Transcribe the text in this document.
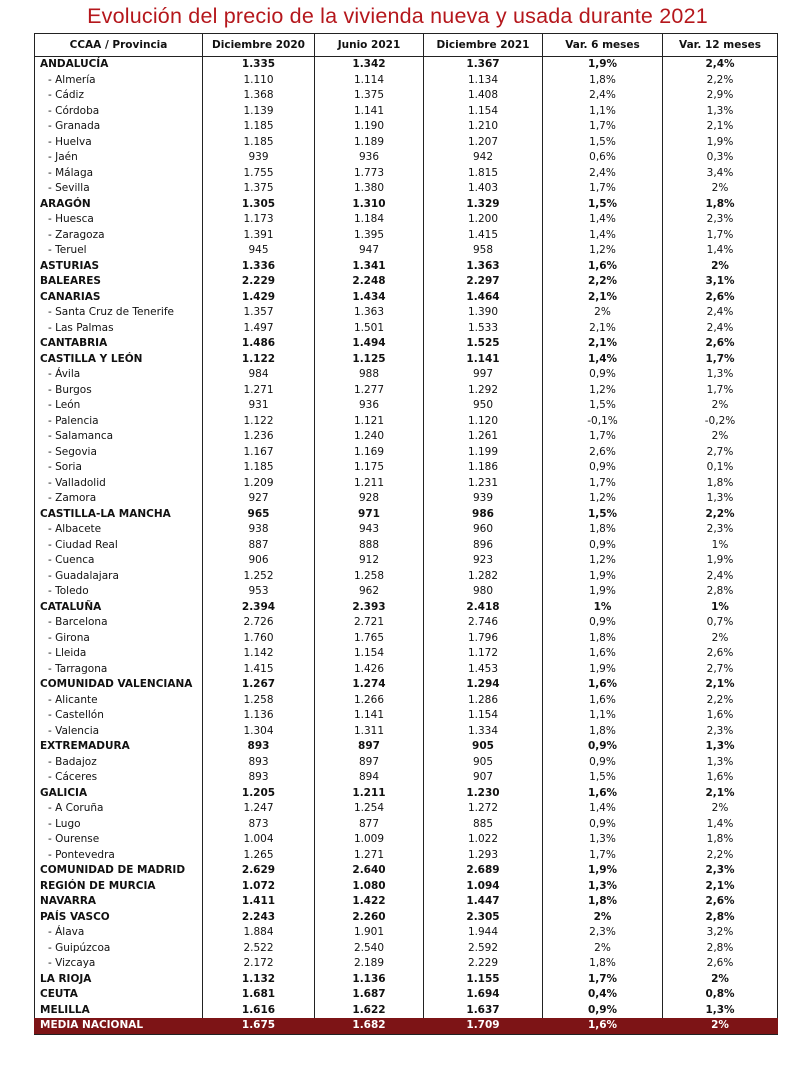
Evolución del precio de la vivienda nueva y usada durante 2021
CCAA / Provincia	Diciembre 2020	Junio 2021	Diciembre 2021	Var. 6 meses	Var. 12 meses
ANDALUCÍA	1.335	1.342	1.367	1,9%	2,4%
- Almería	1.110	1.114	1.134	1,8%	2,2%
- Cádiz	1.368	1.375	1.408	2,4%	2,9%
- Córdoba	1.139	1.141	1.154	1,1%	1,3%
- Granada	1.185	1.190	1.210	1,7%	2,1%
- Huelva	1.185	1.189	1.207	1,5%	1,9%
- Jaén	939	936	942	0,6%	0,3%
- Málaga	1.755	1.773	1.815	2,4%	3,4%
- Sevilla	1.375	1.380	1.403	1,7%	2%
ARAGÓN	1.305	1.310	1.329	1,5%	1,8%
- Huesca	1.173	1.184	1.200	1,4%	2,3%
- Zaragoza	1.391	1.395	1.415	1,4%	1,7%
- Teruel	945	947	958	1,2%	1,4%
ASTURIAS	1.336	1.341	1.363	1,6%	2%
BALEARES	2.229	2.248	2.297	2,2%	3,1%
CANARIAS	1.429	1.434	1.464	2,1%	2,6%
- Santa Cruz de Tenerife	1.357	1.363	1.390	2%	2,4%
- Las Palmas	1.497	1.501	1.533	2,1%	2,4%
CANTABRIA	1.486	1.494	1.525	2,1%	2,6%
CASTILLA Y LEÓN	1.122	1.125	1.141	1,4%	1,7%
- Ávila	984	988	997	0,9%	1,3%
- Burgos	1.271	1.277	1.292	1,2%	1,7%
- León	931	936	950	1,5%	2%
- Palencia	1.122	1.121	1.120	-0,1%	-0,2%
- Salamanca	1.236	1.240	1.261	1,7%	2%
- Segovia	1.167	1.169	1.199	2,6%	2,7%
- Soria	1.185	1.175	1.186	0,9%	0,1%
- Valladolid	1.209	1.211	1.231	1,7%	1,8%
- Zamora	927	928	939	1,2%	1,3%
CASTILLA-LA MANCHA	965	971	986	1,5%	2,2%
- Albacete	938	943	960	1,8%	2,3%
- Ciudad Real	887	888	896	0,9%	1%
- Cuenca	906	912	923	1,2%	1,9%
- Guadalajara	1.252	1.258	1.282	1,9%	2,4%
- Toledo	953	962	980	1,9%	2,8%
CATALUÑA	2.394	2.393	2.418	1%	1%
- Barcelona	2.726	2.721	2.746	0,9%	0,7%
- Girona	1.760	1.765	1.796	1,8%	2%
- Lleida	1.142	1.154	1.172	1,6%	2,6%
- Tarragona	1.415	1.426	1.453	1,9%	2,7%
COMUNIDAD VALENCIANA	1.267	1.274	1.294	1,6%	2,1%
- Alicante	1.258	1.266	1.286	1,6%	2,2%
- Castellón	1.136	1.141	1.154	1,1%	1,6%
- Valencia	1.304	1.311	1.334	1,8%	2,3%
EXTREMADURA	893	897	905	0,9%	1,3%
- Badajoz	893	897	905	0,9%	1,3%
- Cáceres	893	894	907	1,5%	1,6%
GALICIA	1.205	1.211	1.230	1,6%	2,1%
- A Coruña	1.247	1.254	1.272	1,4%	2%
- Lugo	873	877	885	0,9%	1,4%
- Ourense	1.004	1.009	1.022	1,3%	1,8%
- Pontevedra	1.265	1.271	1.293	1,7%	2,2%
COMUNIDAD DE MADRID	2.629	2.640	2.689	1,9%	2,3%
REGIÓN DE MURCIA	1.072	1.080	1.094	1,3%	2,1%
NAVARRA	1.411	1.422	1.447	1,8%	2,6%
PAÍS VASCO	2.243	2.260	2.305	2%	2,8%
- Álava	1.884	1.901	1.944	2,3%	3,2%
- Guipúzcoa	2.522	2.540	2.592	2%	2,8%
- Vizcaya	2.172	2.189	2.229	1,8%	2,6%
LA RIOJA	1.132	1.136	1.155	1,7%	2%
CEUTA	1.681	1.687	1.694	0,4%	0,8%
MELILLA	1.616	1.622	1.637	0,9%	1,3%
MEDIA NACIONAL	1.675	1.682	1.709	1,6%	2%
